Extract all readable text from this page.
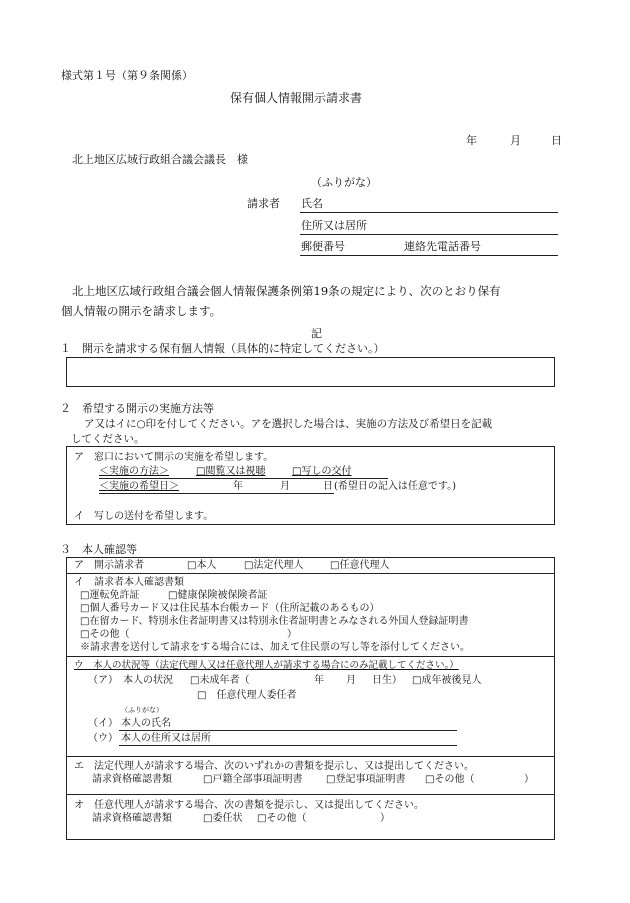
様式第１号（第９条関係）
保有個人情報開示請求書
年	月	日
北上地区広域行政組合議会議長　様
（ふりがな）
請求者 氏名
住所又は居所
郵便番号	連絡先電話番号
北上地区広域行政組合議会個人情報保護条例第19条の規定により、次のとおり保有
個人情報の開示を請求します。
記
１　開示を請求する保有個人情報（具体的に特定してください。）
２　希望する開示の実施方法等
ア又はイに○印を付してください。アを選択した場合は、実施の方法及び希望日を記載
してください。
ア　窓口において開示の実施を希望します。
＜実施の方法＞	□閲覧又は視聴	□写しの交付
＜実施の希望日＞	年	月	日 (希望日の記入は任意です。)
イ　写しの送付を希望します。
３　本人確認等
ア　開示請求者	□本人	□法定代理人	□任意代理人
イ　請求者本人確認書類
□運転免許証	□健康保険被保険者証
□個人番号カード又は住民基本台帳カード（住所記載のあるもの）
□在留カード、特別永住者証明書又は特別永住者証明書とみなされる外国人登録証明書
□その他（	）
※請求書を送付して請求をする場合には、加えて住民票の写し等を添付してください。
ウ　本人の状況等（法定代理人又は任意代理人が請求する場合にのみ記載してください。）
（ア）　本人の状況 □未成年者（	年 月 日生） □成年被後見人
□　任意代理人委任者
（ふりがな）
（イ） 本人の氏名
（ウ） 本人の住所又は居所
エ　法定代理人が請求する場合、次のいずれかの書類を提示し、又は提出してください。
請求資格確認書類	□戸籍全部事項証明書 □登記事項証明書 □その他（	）
オ　任意代理人が請求する場合、次の書類を提示し、又は提出してください。
請求資格確認書類	□委任状 □その他（	）
